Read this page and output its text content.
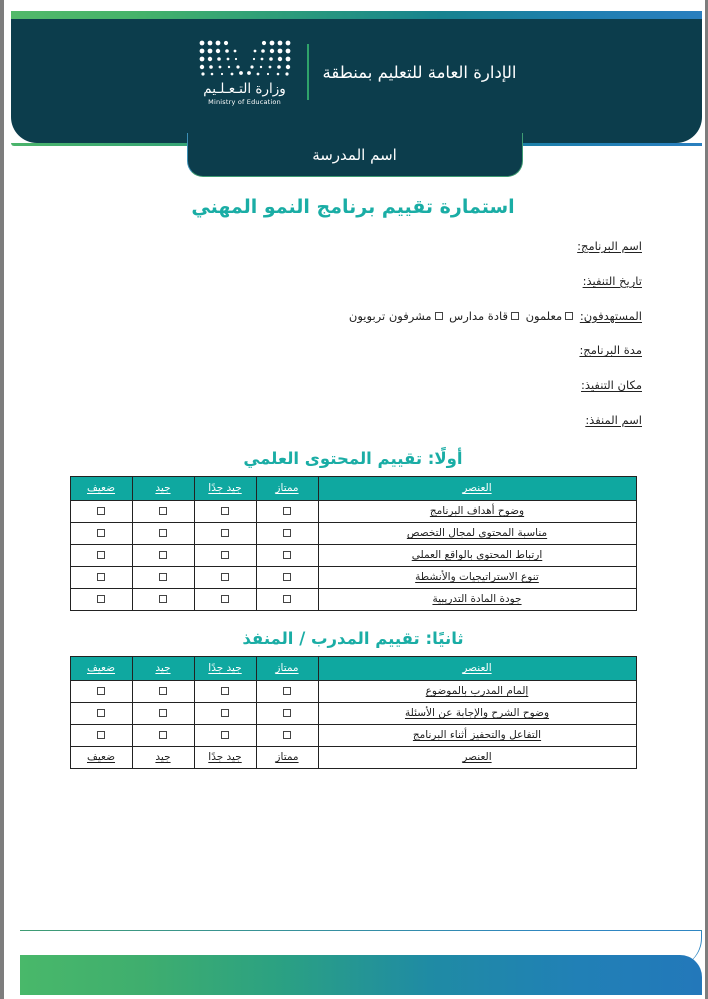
الإدارة العامة للتعليم بمنطقة
وزارة التـعـلـيم
Ministry of Education
اسم المدرسة
استمارة تقييم برنامج النمو المهني
اسم البرنامج:
تاريخ التنفيذ:
المستهدفون: معلمون قادة مدارس مشرفون تربويون
مدة البرنامج:
مكان التنفيذ:
اسم المنفذ:
أولًا: تقييم المحتوى العلمي
العنصر	ممتاز	جيد جدًا	جيد	ضعيف
وضوح أهداف البرنامج				
مناسبة المحتوى لمجال التخصص				
ارتباط المحتوى بالواقع العملي				
تنوع الاستراتيجيات والأنشطة				
جودة المادة التدريبية				
ثانيًا: تقييم المدرب / المنفذ
العنصر	ممتاز	جيد جدًا	جيد	ضعيف
إلمام المدرب بالموضوع				
وضوح الشرح والإجابة عن الأسئلة				
التفاعل والتحفيز أثناء البرنامج				
العنصر	ممتاز	جيد جدًا	جيد	ضعيف
